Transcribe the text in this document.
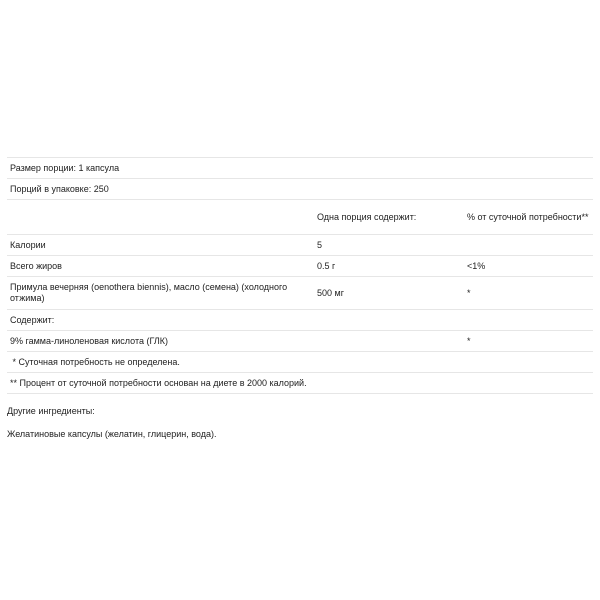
Размер порции: 1 капсула		
Порций в упаковке: 250		
	Одна порция содержит:	% от суточной потребности**
Калории	5	
Всего жиров	0.5 г	<1%
Примула вечерняя (oenothera biennis), масло (семена) (холодного отжима)	500 мг	*
Содержит:		
9% гамма-линоленовая кислота (ГЛК)		*
* Суточная потребность не определена.		
** Процент от суточной потребности основан на диете в 2000 калорий.		

Другие ингредиенты:

Желатиновые капсулы (желатин, глицерин, вода).
